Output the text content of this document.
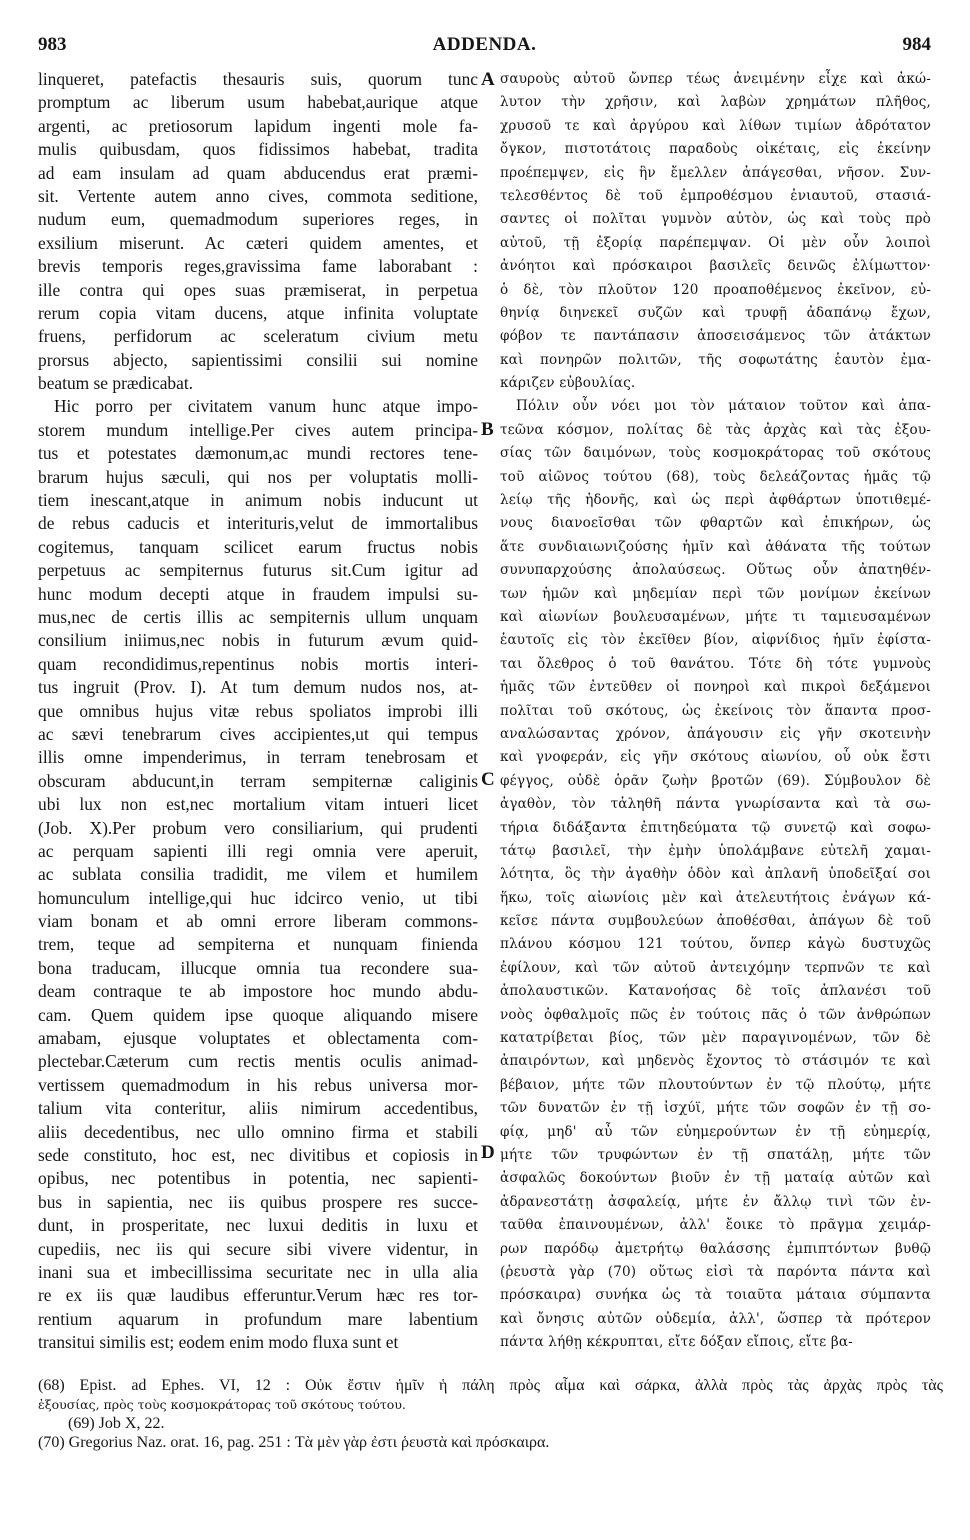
983	ADDENDA.	984
linqueret, patefactis thesauris suis, quorum tunc
promptum ac liberum usum habebat,aurique atque
argenti, ac pretiosorum lapidum ingenti mole fa-
mulis quibusdam, quos fidissimos habebat, tradita
ad eam insulam ad quam abducendus erat præmi-
sit. Vertente autem anno cives, commota seditione,
nudum eum, quemadmodum superiores reges, in
exsilium miserunt. Ac cæteri quidem amentes, et
brevis temporis reges,gravissima fame laborabant :
ille contra qui opes suas præmiserat, in perpetua
rerum copia vitam ducens, atque infinita voluptate
fruens, perfidorum ac sceleratum civium metu
prorsus abjecto, sapientissimi consilii sui nomine
beatum se prædicabat.
Hic porro per civitatem vanum hunc atque impo-
storem mundum intellige.Per cives autem principa-
tus et potestates dæmonum,ac mundi rectores tene-
brarum hujus sæculi, qui nos per voluptatis molli-
tiem inescant,atque in animum nobis inducunt ut
de rebus caducis et interituris,velut de immortalibus
cogitemus, tanquam scilicet earum fructus nobis
perpetuus ac sempiternus futurus sit.Cum igitur ad
hunc modum decepti atque in fraudem impulsi su-
mus,nec de certis illis ac sempiternis ullum unquam
consilium iniimus,nec nobis in futurum ævum quid-
quam recondidimus,repentinus nobis mortis interi-
tus ingruit (Prov. I). At tum demum nudos nos, at-
que omnibus hujus vitæ rebus spoliatos improbi illi
ac sævi tenebrarum cives accipientes,ut qui tempus
illis omne impenderimus, in terram tenebrosam et
obscuram abducunt,in terram sempiternæ caliginis
ubi lux non est,nec mortalium vitam intueri licet
(Job. X).Per probum vero consiliarium, qui prudenti
ac perquam sapienti illi regi omnia vere aperuit,
ac sublata consilia tradidit, me vilem et humilem
homunculum intellige,qui huc idcirco venio, ut tibi
viam bonam et ab omni errore liberam commons-
trem, teque ad sempiterna et nunquam finienda
bona traducam, illucque omnia tua recondere sua-
deam contraque te ab impostore hoc mundo abdu-
cam. Quem quidem ipse quoque aliquando misere
amabam, ejusque voluptates et oblectamenta com-
plectebar.Cæterum cum rectis mentis oculis animad-
vertissem quemadmodum in his rebus universa mor-
talium vita conteritur, aliis nimirum accedentibus,
aliis decedentibus, nec ullo omnino firma et stabili
sede constituto, hoc est, nec divitibus et copiosis in
opibus, nec potentibus in potentia, nec sapienti-
bus in sapientia, nec iis quibus prospere res succe-
dunt, in prosperitate, nec luxui deditis in luxu et
cupediis, nec iis qui secure sibi vivere videntur, in
inani sua et imbecillissima securitate nec in ulla alia
re ex iis quæ laudibus efferuntur.Verum hæc res tor-
rentium aquarum in profundum mare labentium
transitui similis est; eodem enim modo fluxa sunt et
σαυροὺς αὐτοῦ ὤνπερ τέως ἀνειμένην εἶχε καὶ ἀκώ-
λυτον τὴν χρῆσιν, καὶ λαβὼν χρημάτων πλῆθος,
χρυσοῦ τε καὶ ἀργύρου καὶ λίθων τιμίων ἀδρότατον
ὄγκον, πιστοτάτοις παραδοὺς οἰκέταις, εἰς ἐκείνην
προέπεμψεν, εἰς ἣν ἔμελλεν ἀπάγεσθαι, νῆσον. Συν-
τελεσθέντος δὲ τοῦ ἐμπροθέσμου ἐνιαυτοῦ, στασιά-
σαντες οἱ πολῖται γυμνὸν αὐτὸν, ὡς καὶ τοὺς πρὸ
αὐτοῦ, τῇ ἐξορίᾳ παρέπεμψαν. Οἱ μὲν οὖν λοιποὶ
ἀνόητοι καὶ πρόσκαιροι βασιλεῖς δεινῶς ἐλίμωττον·
ὁ δὲ, τὸν πλοῦτον 120 προαποθέμενος ἐκεῖνον, εὐ-
θηνίᾳ διηνεκεῖ συζῶν καὶ τρυφῇ ἀδαπάνῳ ἔχων,
φόβον τε παντάπασιν ἀποσεισάμενος τῶν ἀτάκτων
καὶ πονηρῶν πολιτῶν, τῆς σοφωτάτης ἑαυτὸν ἐμα-
κάριζεν εὐβουλίας.
Πόλιν οὖν νόει μοι τὸν μάταιον τοῦτον καὶ ἀπα-
τεῶνα κόσμον, πολίτας δὲ τὰς ἀρχὰς καὶ τὰς ἐξου-
σίας τῶν δαιμόνων, τοὺς κοσμοκράτορας τοῦ σκότους
τοῦ αἰῶνος τούτου (68), τοὺς δελεάζοντας ἡμᾶς τῷ
λείῳ τῆς ἡδονῆς, καὶ ὡς περὶ ἀφθάρτων ὑποτιθεμέ-
νους διανοεῖσθαι τῶν φθαρτῶν καὶ ἐπικήρων, ὡς
ἅτε συνδιαιωνιζούσης ἡμῖν καὶ ἀθάνατα τῆς τούτων
συνυπαρχούσης ἀπολαύσεως. Οὕτως οὖν ἀπατηθέν-
των ἡμῶν καὶ μηδεμίαν περὶ τῶν μονίμων ἐκείνων
καὶ αἰωνίων βουλευσαμένων, μήτε τι ταμιευσαμένων
ἑαυτοῖς εἰς τὸν ἐκεῖθεν βίον, αἰφνίδιος ἡμῖν ἐφίστα-
ται ὄλεθρος ὁ τοῦ θανάτου. Τότε δὴ τότε γυμνοὺς
ἡμᾶς τῶν ἐντεῦθεν οἱ πονηροὶ καὶ πικροὶ δεξάμενοι
πολῖται τοῦ σκότους, ὡς ἐκείνοις τὸν ἅπαντα προσ-
αναλώσαντας χρόνον, ἀπάγουσιν εἰς γῆν σκοτεινὴν
καὶ γνοφεράν, εἰς γῆν σκότους αἰωνίου, οὗ οὐκ ἔστι
φέγγος, οὐδὲ ὁρᾶν ζωὴν βροτῶν (69). Σύμβουλον δὲ
ἀγαθὸν, τὸν τἀληθῆ πάντα γνωρίσαντα καὶ τὰ σω-
τήρια διδάξαντα ἐπιτηδεύματα τῷ συνετῷ καὶ σοφω-
τάτῳ βασιλεῖ, τὴν ἐμὴν ὑπολάμβανε εὐτελῆ χαμαι-
λότητα, ὃς τὴν ἀγαθὴν ὁδὸν καὶ ἀπλανῆ ὑποδεῖξαί σοι
ἥκω, τοῖς αἰωνίοις μὲν καὶ ἀτελευτήτοις ἐνάγων κά-
κεῖσε πάντα συμβουλεύων ἀποθέσθαι, ἀπάγων δὲ τοῦ
πλάνου κόσμου 121 τούτου, ὅνπερ κἀγὼ δυστυχῶς
ἐφίλουν, καὶ τῶν αὐτοῦ ἀντειχόμην τερπνῶν τε καὶ
ἀπολαυστικῶν. Κατανοήσας δὲ τοῖς ἀπλανέσι τοῦ
νοὸς ὀφθαλμοῖς πῶς ἐν τούτοις πᾶς ὁ τῶν ἀνθρώπων
κατατρίβεται βίος, τῶν μὲν παραγινομένων, τῶν δὲ
ἀπαιρόντων, καὶ μηδενὸς ἔχοντος τὸ στάσιμόν τε καὶ
βέβαιον, μήτε τῶν πλουτούντων ἐν τῷ πλούτῳ, μήτε
τῶν δυνατῶν ἐν τῇ ἰσχύϊ, μήτε τῶν σοφῶν ἐν τῇ σο-
φίᾳ, μηδ' αὖ τῶν εὐημερούντων ἐν τῇ εὐημερίᾳ,
μήτε τῶν τρυφώντων ἐν τῇ σπατάλῃ, μήτε τῶν
ἀσφαλῶς δοκούντων βιοῦν ἐν τῇ ματαίᾳ αὐτῶν καὶ
ἀδρανεστάτῃ ἀσφαλείᾳ, μήτε ἐν ἄλλῳ τινὶ τῶν ἐν-
ταῦθα ἐπαινουμένων, ἀλλ' ἔοικε τὸ πρᾶγμα χειμάρ-
ρων παρόδῳ ἀμετρήτῳ θαλάσσης ἐμπιπτόντων βυθῷ
(ῥευστὰ γὰρ (70) οὕτως εἰσὶ τὰ παρόντα πάντα καὶ
πρόσκαιρα) συνήκα ὡς τὰ τοιαῦτα μάταια σύμπαντα
καὶ ὄνησις αὐτῶν οὐδεμία, ἀλλ', ὥσπερ τὰ πρότερον
πάντα λήθῃ κέκρυπται, εἴτε δόξαν εἴποις, εἴτε βα-
A
B
C
D
(68) Epist. ad Ephes. VI, 12 : Οὐκ ἔστιν ἡμῖν ἡ πάλη πρὸς αἷμα καὶ σάρκα, ἀλλὰ πρὸς τὰς ἀρχὰς πρὸς τὰς
ἐξουσίας, πρὸς τοὺς κοσμοκράτορας τοῦ σκότους τούτου.
(69) Job X, 22.
(70) Gregorius Naz. orat. 16, pag. 251 : Τὰ μὲν γὰρ ἐστι ῥευστὰ καὶ πρόσκαιρα.
